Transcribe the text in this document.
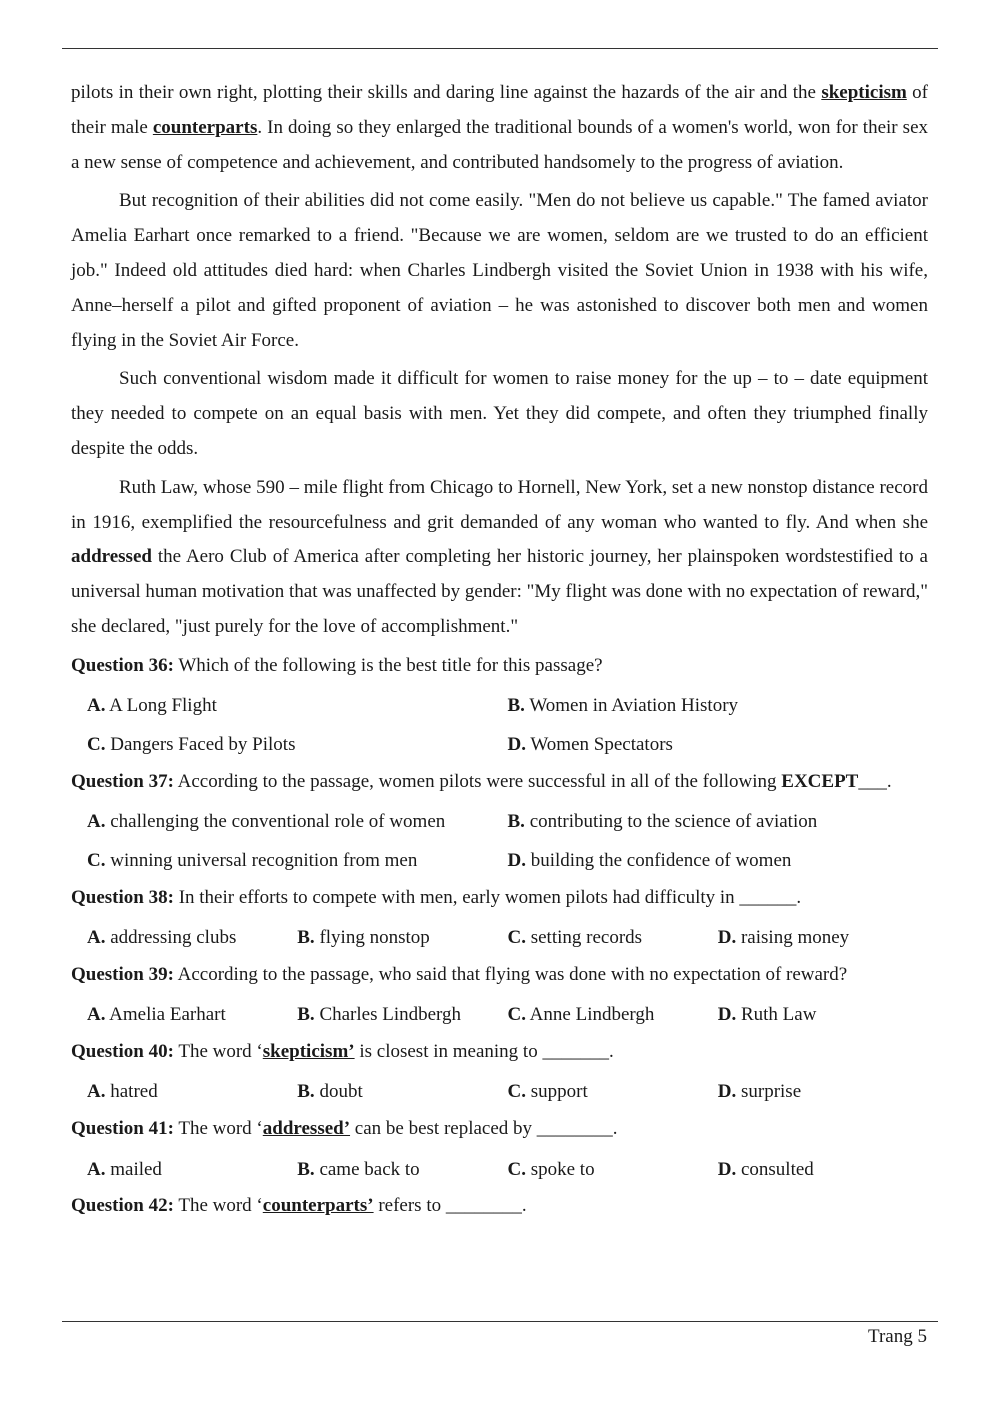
pilots in their own right, plotting their skills and daring line against the hazards of the air and the skepticism of their male counterparts. In doing so they enlarged the traditional bounds of a women's world, won for their sex a new sense of competence and achievement, and contributed handsomely to the progress of aviation.

But recognition of their abilities did not come easily. "Men do not believe us capable." The famed aviator Amelia Earhart once remarked to a friend. "Because we are women, seldom are we trusted to do an efficient job." Indeed old attitudes died hard: when Charles Lindbergh visited the Soviet Union in 1938 with his wife, Anne–herself a pilot and gifted proponent of aviation – he was astonished to discover both men and women flying in the Soviet Air Force.

Such conventional wisdom made it difficult for women to raise money for the up – to – date equipment they needed to compete on an equal basis with men. Yet they did compete, and often they triumphed finally despite the odds.

Ruth Law, whose 590 – mile flight from Chicago to Hornell, New York, set a new nonstop distance record in 1916, exemplified the resourcefulness and grit demanded of any woman who wanted to fly. And when she addressed the Aero Club of America after completing her historic journey, her plainspoken wordstestified to a universal human motivation that was unaffected by gender: "My flight was done with no expectation of reward," she declared, "just purely for the love of accomplishment."

Question 36: Which of the following is the best title for this passage?

A. A Long Flight	B. Women in Aviation History
C. Dangers Faced by Pilots	D. Women Spectators

Question 37: According to the passage, women pilots were successful in all of the following EXCEPT___.

A. challenging the conventional role of women	B. contributing to the science of aviation
C. winning universal recognition from men	D. building the confidence of women

Question 38: In their efforts to compete with men, early women pilots had difficulty in ______.

A. addressing clubs	B. flying nonstop	C. setting records	D. raising money

Question 39: According to the passage, who said that flying was done with no expectation of reward?

A. Amelia Earhart	B. Charles Lindbergh	C. Anne Lindbergh	D. Ruth Law

Question 40: The word ‘skepticism’ is closest in meaning to _______.

A. hatred	B. doubt	C. support	D. surprise

Question 41: The word ‘addressed’ can be best replaced by ________.

A. mailed	B. came back to	C. spoke to	D. consulted

Question 42: The word ‘counterparts’ refers to ________.

Trang 5
